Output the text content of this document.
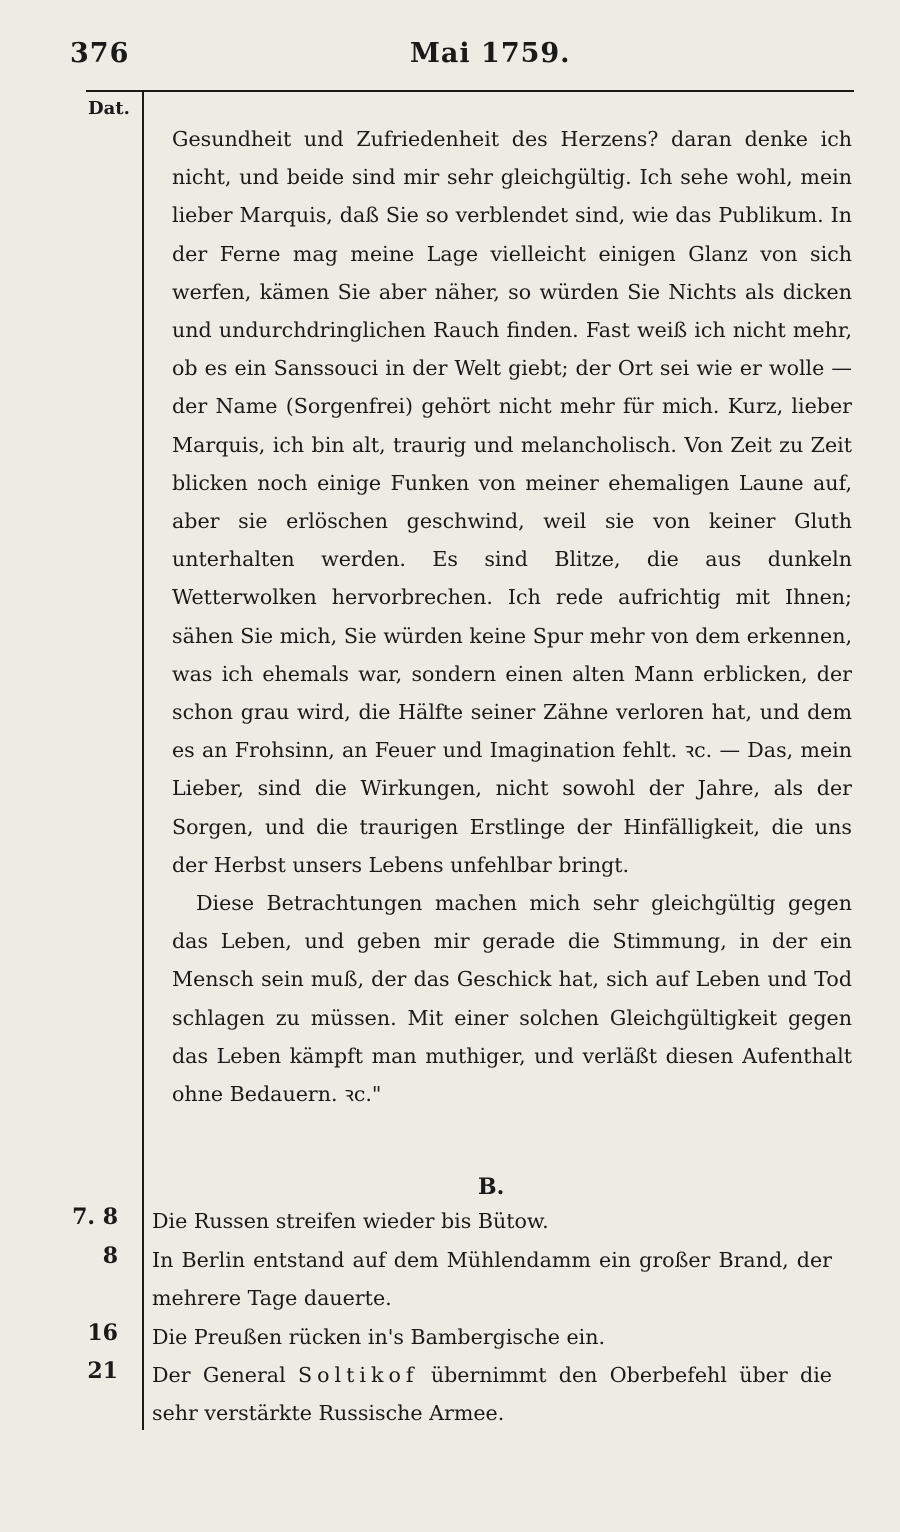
376	Mai 1759.
Dat.

Gesundheit und Zufriedenheit des Herzens? daran denke ich nicht, und beide sind mir sehr gleichgültig. Ich sehe wohl, mein lieber Marquis, daß Sie so verblendet sind, wie das Publikum. In der Ferne mag meine Lage vielleicht einigen Glanz von sich werfen, kämen Sie aber näher, so würden Sie Nichts als dicken und undurchdringlichen Rauch finden. Fast weiß ich nicht mehr, ob es ein Sanssouci in der Welt giebt; der Ort sei wie er wolle — der Name (Sorgenfrei) gehört nicht mehr für mich. Kurz, lieber Marquis, ich bin alt, traurig und melancholisch. Von Zeit zu Zeit blicken noch einige Funken von meiner ehemaligen Laune auf, aber sie erlöschen geschwind, weil sie von keiner Gluth unterhalten werden. Es sind Blitze, die aus dunkeln Wetterwolken hervorbrechen. Ich rede aufrichtig mit Ihnen; sähen Sie mich, Sie würden keine Spur mehr von dem erkennen, was ich ehemals war, sondern einen alten Mann erblicken, der schon grau wird, die Hälfte seiner Zähne verloren hat, und dem es an Frohsinn, an Feuer und Imagination fehlt. ꝛc. — Das, mein Lieber, sind die Wirkungen, nicht sowohl der Jahre, als der Sorgen, und die traurigen Erstlinge der Hinfälligkeit, die uns der Herbst unsers Lebens unfehlbar bringt.

Diese Betrachtungen machen mich sehr gleichgültig gegen das Leben, und geben mir gerade die Stimmung, in der ein Mensch sein muß, der das Geschick hat, sich auf Leben und Tod schlagen zu müssen. Mit einer solchen Gleichgültigkeit gegen das Leben kämpft man muthiger, und verläßt diesen Aufenthalt ohne Bedauern. ꝛc."

B.
7. 8 Die Russen streifen wieder bis Bütow.
8 In Berlin entstand auf dem Mühlendamm ein großer Brand, der mehrere Tage dauerte.
16 Die Preußen rücken in's Bambergische ein.
21 Der General Soltikof übernimmt den Oberbefehl über die sehr verstärkte Russische Armee.
